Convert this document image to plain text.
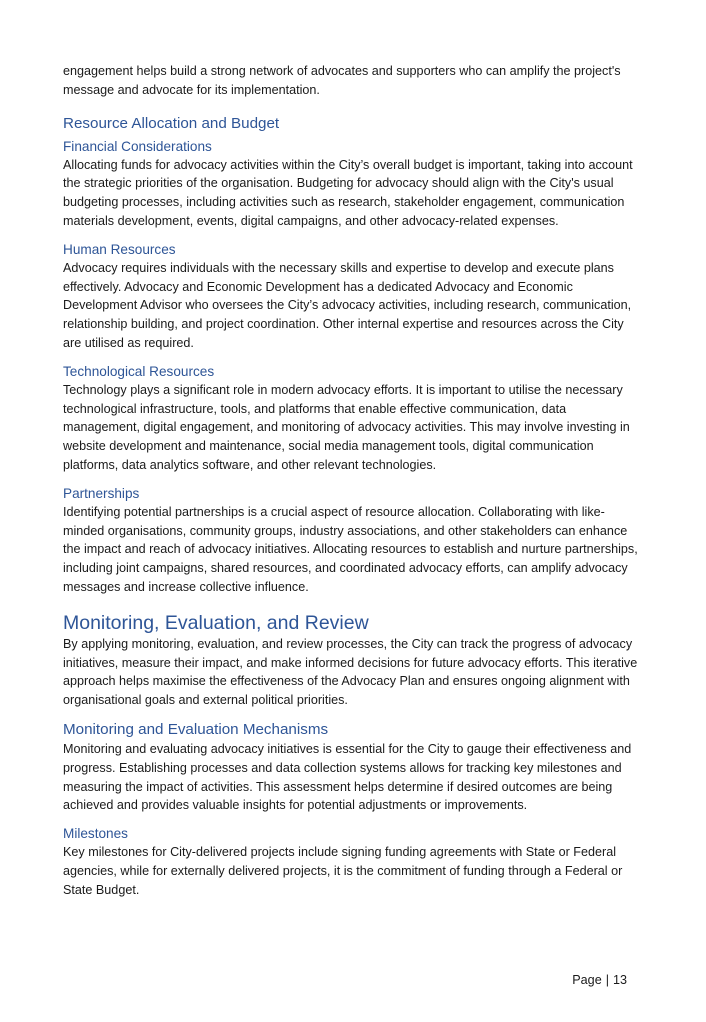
engagement helps build a strong network of advocates and supporters who can amplify the project's message and advocate for its implementation.

Resource Allocation and Budget
Financial Considerations

Allocating funds for advocacy activities within the City’s overall budget is important, taking into account the strategic priorities of the organisation. Budgeting for advocacy should align with the City's usual budgeting processes, including activities such as research, stakeholder engagement, communication materials development, events, digital campaigns, and other advocacy-related expenses.

Human Resources

Advocacy requires individuals with the necessary skills and expertise to develop and execute plans effectively. Advocacy and Economic Development has a dedicated Advocacy and Economic Development Advisor who oversees the City’s advocacy activities, including research, communication, relationship building, and project coordination. Other internal expertise and resources across the City are utilised as required.

Technological Resources

Technology plays a significant role in modern advocacy efforts. It is important to utilise the necessary technological infrastructure, tools, and platforms that enable effective communication, data management, digital engagement, and monitoring of advocacy activities. This may involve investing in website development and maintenance, social media management tools, digital communication platforms, data analytics software, and other relevant technologies.

Partnerships

Identifying potential partnerships is a crucial aspect of resource allocation. Collaborating with like-minded organisations, community groups, industry associations, and other stakeholders can enhance the impact and reach of advocacy initiatives. Allocating resources to establish and nurture partnerships, including joint campaigns, shared resources, and coordinated advocacy efforts, can amplify advocacy messages and increase collective influence.

Monitoring, Evaluation, and Review

By applying monitoring, evaluation, and review processes, the City can track the progress of advocacy initiatives, measure their impact, and make informed decisions for future advocacy efforts. This iterative approach helps maximise the effectiveness of the Advocacy Plan and ensures ongoing alignment with organisational goals and external political priorities.

Monitoring and Evaluation Mechanisms

Monitoring and evaluating advocacy initiatives is essential for the City to gauge their effectiveness and progress. Establishing processes and data collection systems allows for tracking key milestones and measuring the impact of activities. This assessment helps determine if desired outcomes are being achieved and provides valuable insights for potential adjustments or improvements.

Milestones

Key milestones for City-delivered projects include signing funding agreements with State or Federal agencies, while for externally delivered projects, it is the commitment of funding through a Federal or State Budget.

Page | 13
